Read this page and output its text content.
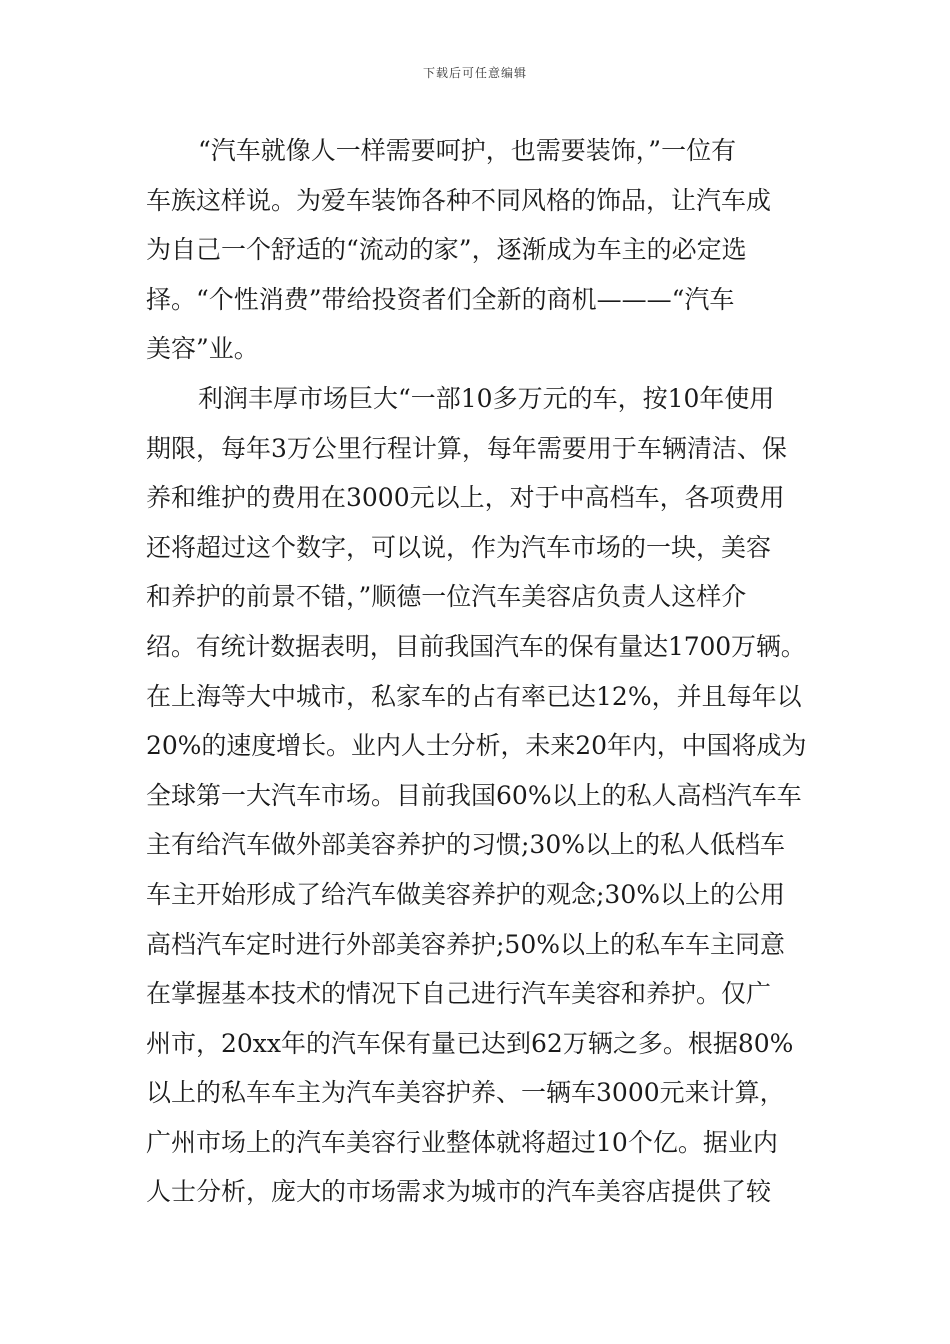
下载后可任意编辑
“汽车就像人一样需要呵护，也需要装饰，”一位有
车族这样说。为爱车装饰各种不同风格的饰品，让汽车成
为自己一个舒适的“流动的家”，逐渐成为车主的必定选
择。“个性消费”带给投资者们全新的商机———“汽车
美容”业。
利润丰厚市场巨大“一部10多万元的车，按10年使用
期限，每年3万公里行程计算，每年需要用于车辆清洁、保
养和维护的费用在3000元以上，对于中高档车，各项费用
还将超过这个数字，可以说，作为汽车市场的一块，美容
和养护的前景不错，”顺德一位汽车美容店负责人这样介
绍。有统计数据表明，目前我国汽车的保有量达1700万辆。
在上海等大中城市，私家车的占有率已达12%，并且每年以
20%的速度增长。业内人士分析，未来20年内，中国将成为
全球第一大汽车市场。目前我国60%以上的私人高档汽车车
主有给汽车做外部美容养护的习惯;30%以上的私人低档车
车主开始形成了给汽车做美容养护的观念;30%以上的公用
高档汽车定时进行外部美容养护;50%以上的私车车主同意
在掌握基本技术的情况下自己进行汽车美容和养护。仅广
州市，20xx年的汽车保有量已达到62万辆之多。根据80%
以上的私车车主为汽车美容护养、一辆车3000元来计算，
广州市场上的汽车美容行业整体就将超过10个亿。据业内
人士分析，庞大的市场需求为城市的汽车美容店提供了较
